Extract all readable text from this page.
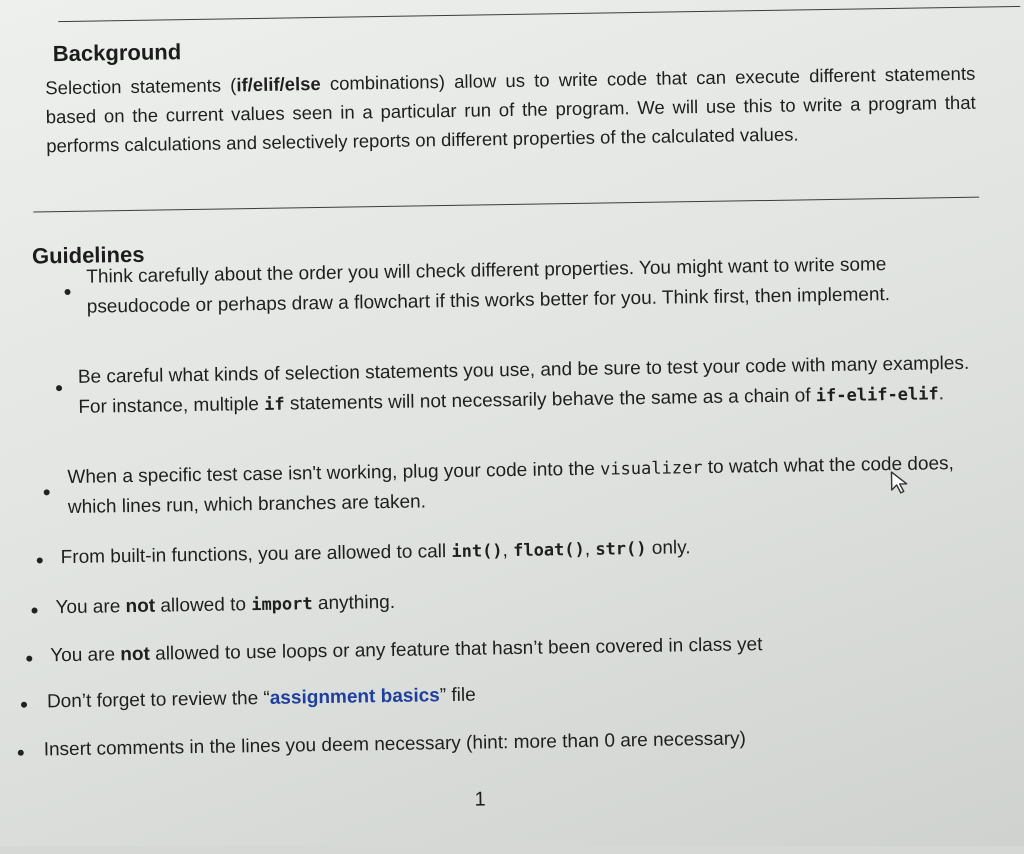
Background

Selection statements (if/elif/else combinations) allow us to write code that can execute different statements based on the current values seen in a particular run of the program. We will use this to write a program that performs calculations and selectively reports on different properties of the calculated values.

Guidelines

Think carefully about the order you will check different properties. You might want to write some pseudocode or perhaps draw a flowchart if this works better for you. Think first, then implement.

Be careful what kinds of selection statements you use, and be sure to test your code with many examples. For instance, multiple if statements will not necessarily behave the same as a chain of if-elif-elif.

When a specific test case isn't working, plug your code into the visualizer to watch what the code does, which lines run, which branches are taken.

From built-in functions, you are allowed to call int(), float(), str() only.

You are not allowed to import anything.

You are not allowed to use loops or any feature that hasn’t been covered in class yet

Don’t forget to review the “assignment basics” file

Insert comments in the lines you deem necessary (hint: more than 0 are necessary)

1
